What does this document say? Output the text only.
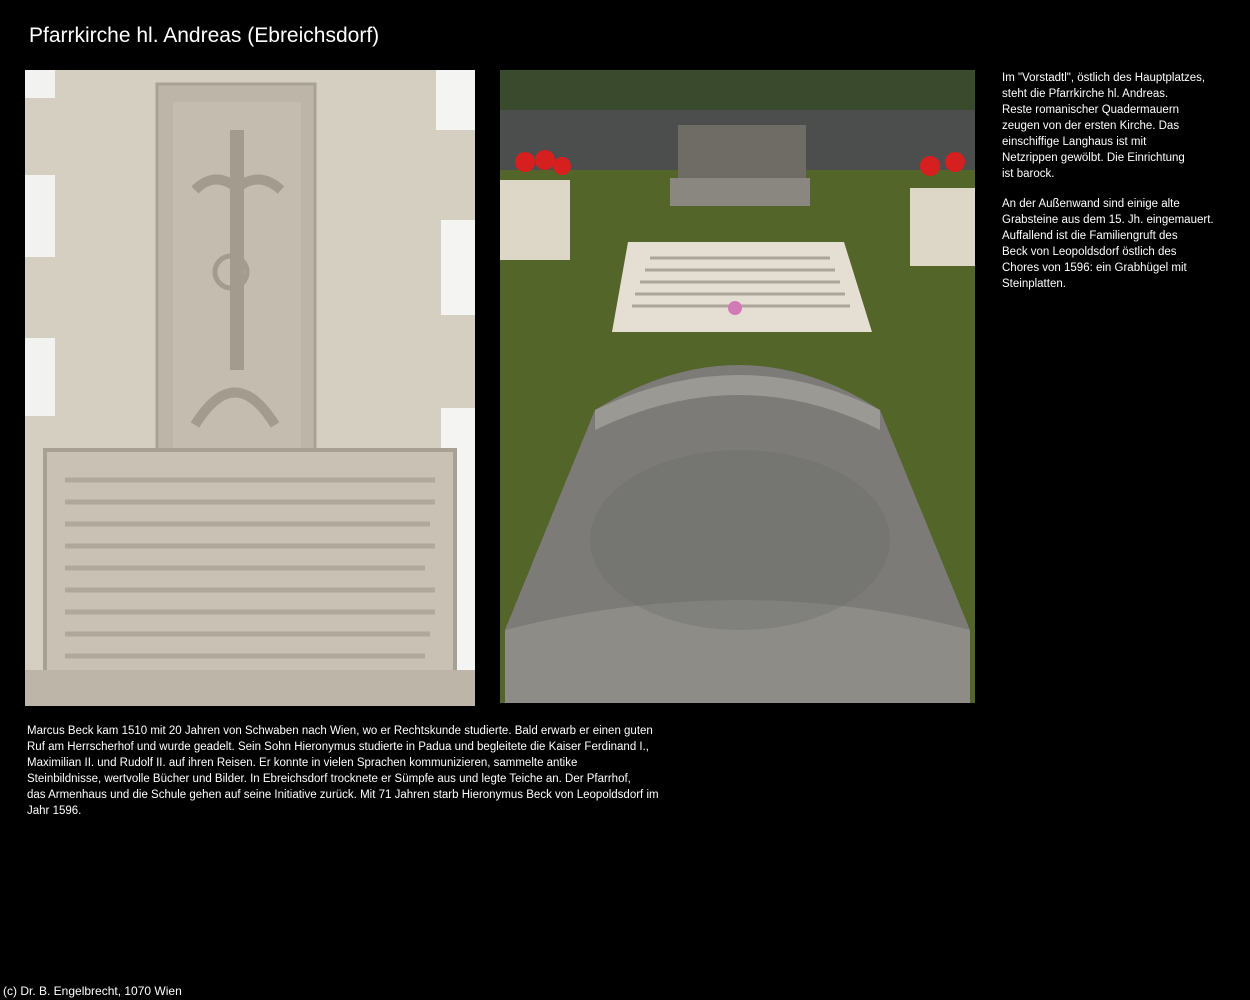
Pfarrkirche hl. Andreas (Ebreichsdorf)

Im "Vorstadtl", östlich des Hauptplatzes,
steht die Pfarrkirche hl. Andreas.
Reste romanischer Quadermauern
zeugen von der ersten Kirche. Das
einschiffige Langhaus ist mit
Netzrippen gewölbt. Die Einrichtung
ist barock.

An der Außenwand sind einige alte
Grabsteine aus dem 15. Jh. eingemauert.
Auffallend ist die Familiengruft des
Beck von Leopoldsdorf östlich des
Chores von 1596: ein Grabhügel mit
Steinplatten.

Marcus Beck kam 1510 mit 20 Jahren von Schwaben nach Wien, wo er Rechtskunde studierte. Bald erwarb er einen guten
Ruf am Herrscherhof und wurde geadelt. Sein Sohn Hieronymus studierte in Padua und begleitete die Kaiser Ferdinand I.,
Maximilian II. und Rudolf II. auf ihren Reisen. Er konnte in vielen Sprachen kommunizieren, sammelte antike
Steinbildnisse, wertvolle Bücher und Bilder. In Ebreichsdorf trocknete er Sümpfe aus und legte Teiche an. Der Pfarrhof,
das Armenhaus und die Schule gehen auf seine Initiative zurück. Mit 71 Jahren starb Hieronymus Beck von Leopoldsdorf im
Jahr 1596.

(c) Dr. B. Engelbrecht, 1070 Wien
